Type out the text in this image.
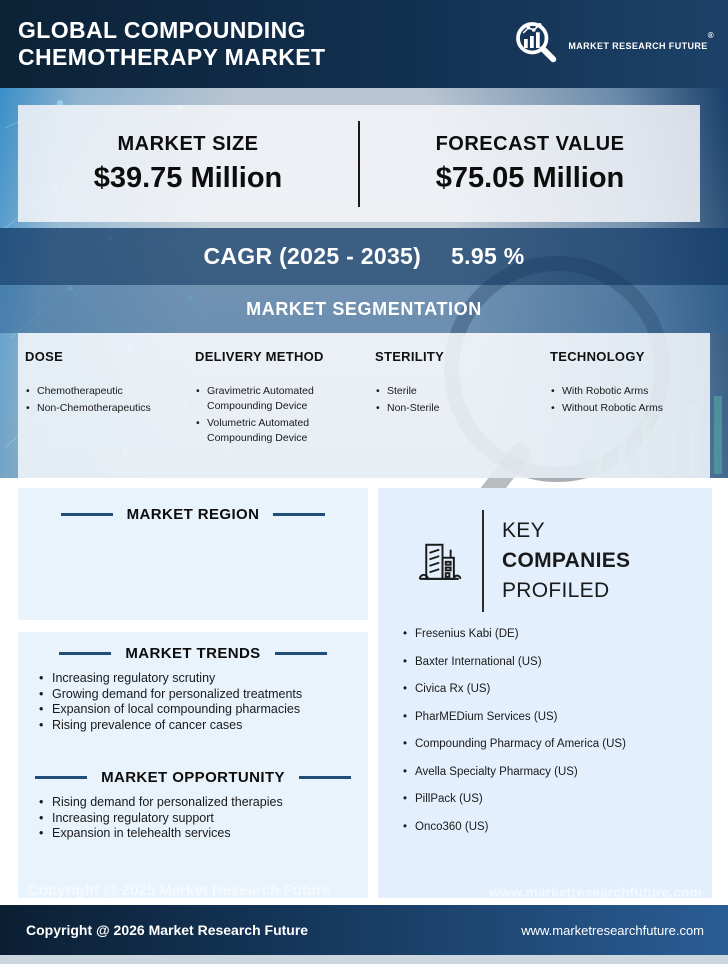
GLOBAL COMPOUNDING CHEMOTHERAPY MARKET	MARKET RESEARCH FUTURE®
MARKET SIZE
$39.75 Million
FORECAST VALUE
$75.05 Million
CAGR (2025 - 2035) 5.95 %
MARKET SEGMENTATION
DOSE
• Chemotherapeutic
• Non-Chemotherapeutics
DELIVERY METHOD
• Gravimetric Automated Compounding Device
• Volumetric Automated Compounding Device
STERILITY
• Sterile
• Non-Sterile
TECHNOLOGY
• With Robotic Arms
• Without Robotic Arms
MARKET REGION
MARKET TRENDS
• Increasing regulatory scrutiny
• Growing demand for personalized treatments
• Expansion of local compounding pharmacies
• Rising prevalence of cancer cases
MARKET OPPORTUNITY
• Rising demand for personalized therapies
• Increasing regulatory support
• Expansion in telehealth services
KEY
COMPANIES
PROFILED
• Fresenius Kabi (DE)
• Baxter International (US)
• Civica Rx (US)
• PharMEDium Services (US)
• Compounding Pharmacy of America (US)
• Avella Specialty Pharmacy (US)
• PillPack (US)
• Onco360 (US)
Copyright @ 2025 Market Research Future	www.marketresearchfuture.com
Copyright @ 2026 Market Research Future	www.marketresearchfuture.com
